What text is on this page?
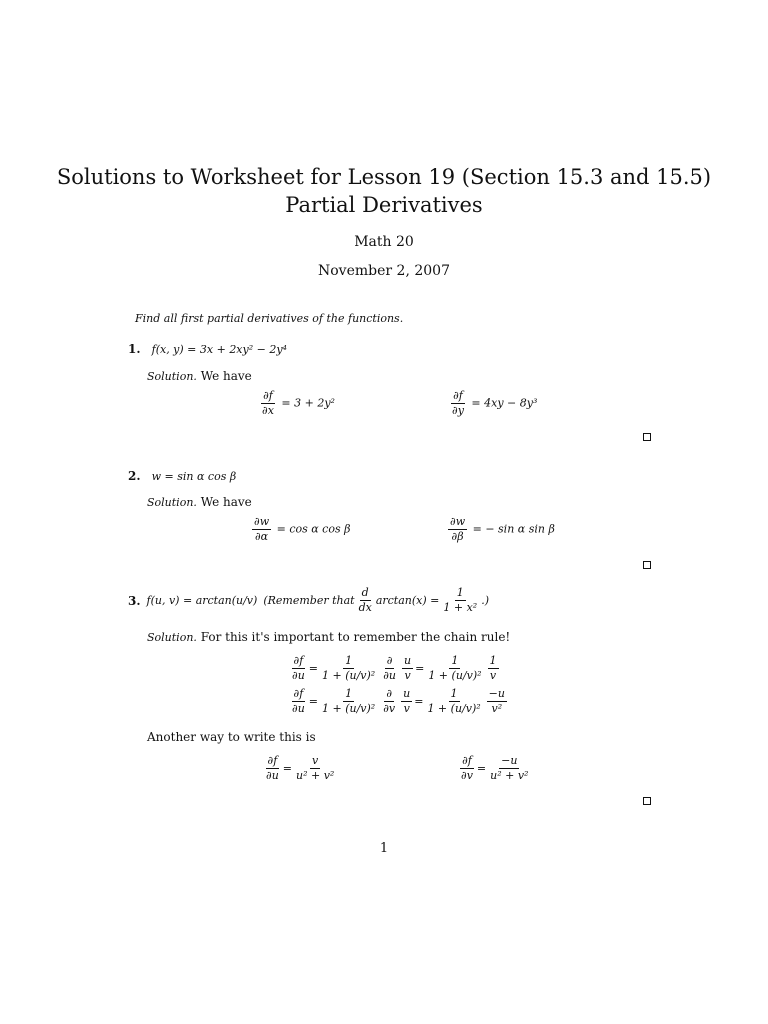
Solutions to Worksheet for Lesson 19 (Section 15.3 and 15.5)
Partial Derivatives
Math 20
November 2, 2007
Find all first partial derivatives of the functions.
1. f(x, y) = 3x + 2xy² − 2y⁴
Solution. We have
$\frac{\partial f}{\partial x} = 3 + 2y^2$	$\frac{\partial f}{\partial y} = 4xy - 8y^3$
2. w = sin α cos β
Solution. We have
$\frac{\partial w}{\partial\alpha} = \cos \alpha$ cos β	$\frac{\partial w}{\partial\beta}$ = − sin α sin β
3. f(u, v) = arctan(u/v) (Remember that $\frac{d}{dx} \arctan(x) = \frac{1}{\text{1 + x²}}$ .)
Solution. For this it's important to remember the chain rule!
$\frac{\partial f}{\partial u} = \frac{1}{\text{1 + (u/v)²}} \frac{\partial}{\partial u} \frac{u}{v} = \frac{1}{\text{1 + (u/v)²}} \frac{1}{v}$
$\frac{\partial f}{\partial u} = \frac{1}{\text{1 + (u/v)²}} \frac{\partial}{\partial v} \frac{u}{v} = \frac{1}{\text{1 + (u/v)²}} \frac{-u}{\text{v²}}$
Another way to write this is
$\frac{\partial f}{\partial u} = \frac{v}{\text{u² + v²}}$	$\frac{\partial f}{\partial v} = \frac{-u}{\text{u² + v²}}$
1
